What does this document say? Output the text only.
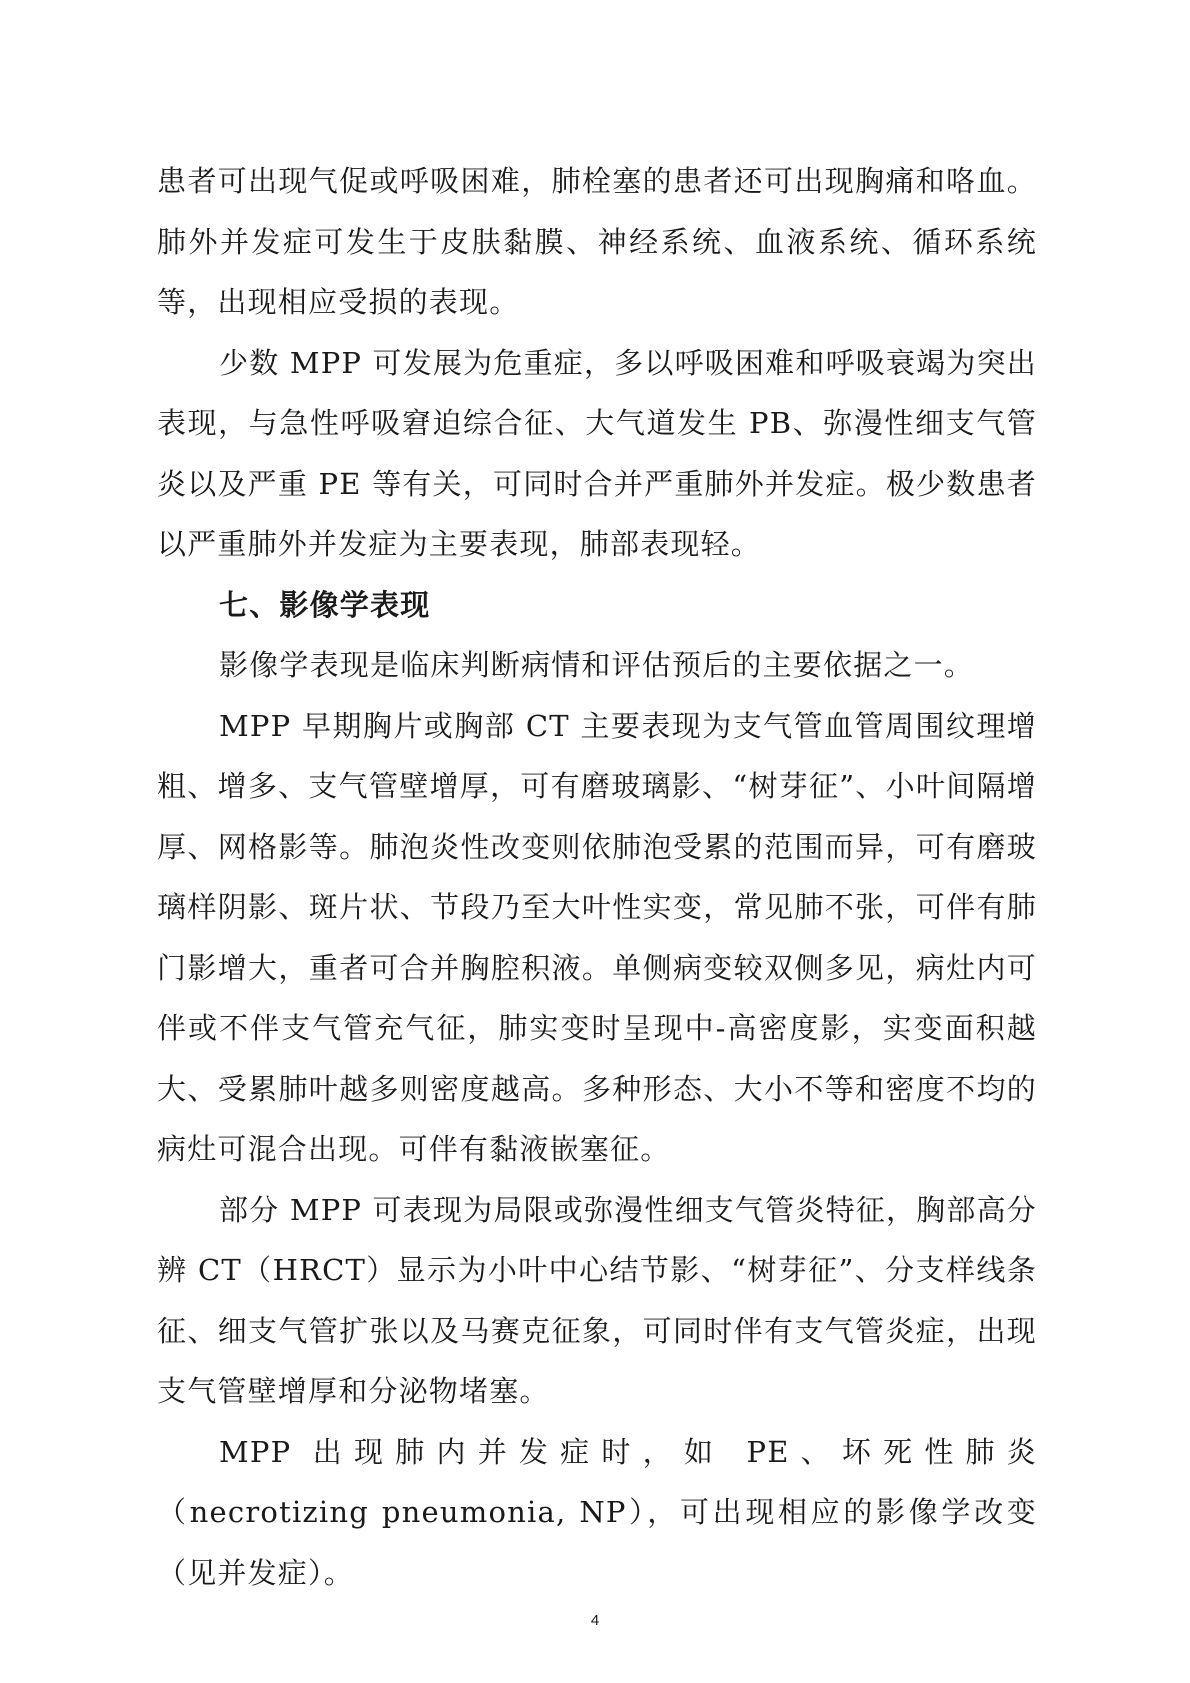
患者可出现气促或呼吸困难，肺栓塞的患者还可出现胸痛和咯血。肺外并发症可发生于皮肤黏膜、神经系统、血液系统、循环系统等，出现相应受损的表现。

少数 MPP 可发展为危重症，多以呼吸困难和呼吸衰竭为突出表现，与急性呼吸窘迫综合征、大气道发生 PB、弥漫性细支气管炎以及严重 PE 等有关，可同时合并严重肺外并发症。极少数患者以严重肺外并发症为主要表现，肺部表现轻。

七、影像学表现

影像学表现是临床判断病情和评估预后的主要依据之一。

MPP 早期胸片或胸部 CT 主要表现为支气管血管周围纹理增粗、增多、支气管壁增厚，可有磨玻璃影、“树芽征”、小叶间隔增厚、网格影等。肺泡炎性改变则依肺泡受累的范围而异，可有磨玻璃样阴影、斑片状、节段乃至大叶性实变，常见肺不张，可伴有肺门影增大，重者可合并胸腔积液。单侧病变较双侧多见，病灶内可伴或不伴支气管充气征，肺实变时呈现中-高密度影，实变面积越大、受累肺叶越多则密度越高。多种形态、大小不等和密度不均的病灶可混合出现。可伴有黏液嵌塞征。

部分 MPP 可表现为局限或弥漫性细支气管炎特征，胸部高分辨 CT（HRCT）显示为小叶中心结节影、“树芽征”、分支样线条征、细支气管扩张以及马赛克征象，可同时伴有支气管炎症，出现支气管壁增厚和分泌物堵塞。

MPP 出现肺内并发症时，如 PE、坏死性肺炎（necrotizing pneumonia, NP），可出现相应的影像学改变（见并发症）。

4
